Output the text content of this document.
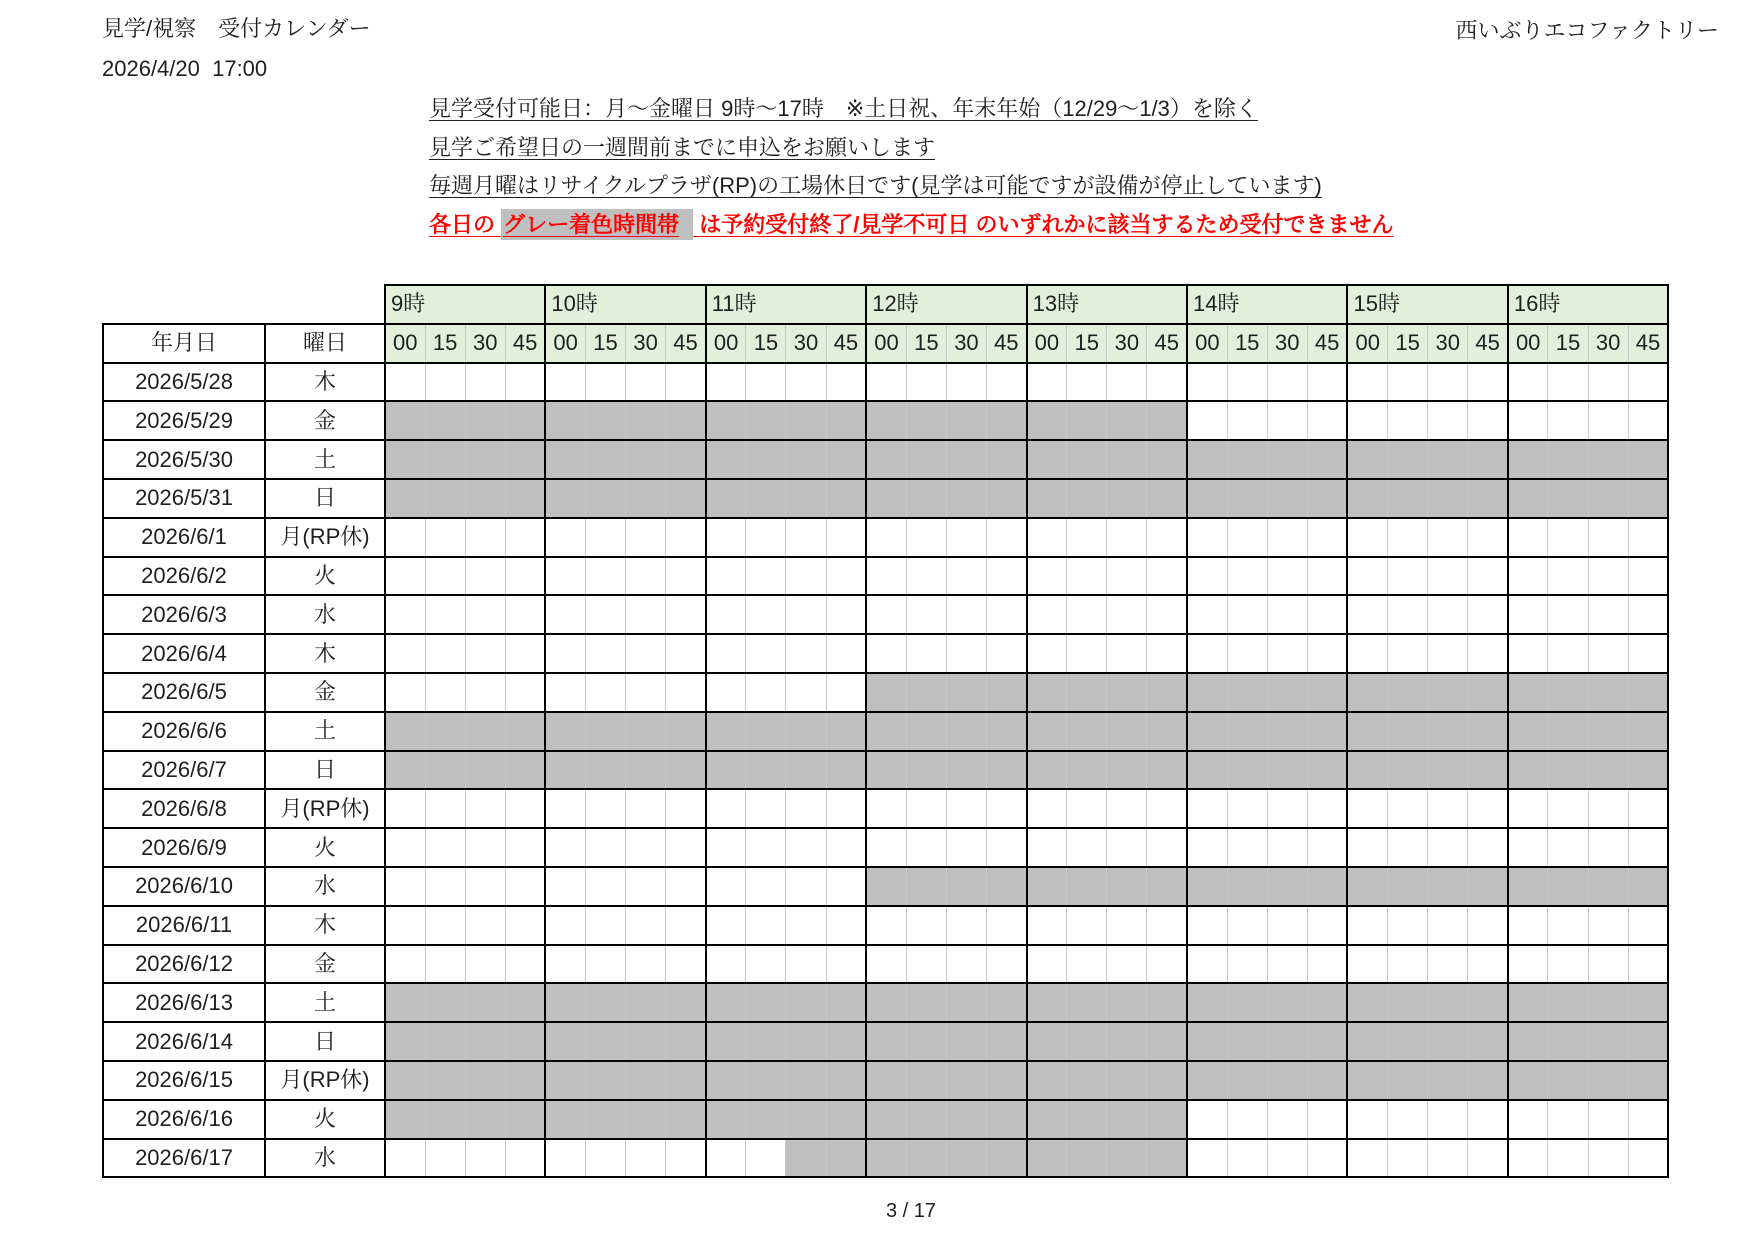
見学/視察　受付カレンダー
2026/4/20  17:00
西いぶりエコファクトリー
見学受付可能日：月～金曜日 9時～17時　※土日祝、年末年始（12/29～1/3）を除く
見学ご希望日の一週間前までに申込をお願いします
毎週月曜はリサイクルプラザ(RP)の工場休日です(見学は可能ですが設備が停止しています)
各日の グレー着色時間帯 は予約受付終了/見学不可日 のいずれかに該当するため受付できません
		9時				10時				11時				12時				13時				14時				15時				16時			
年月日	曜日	00	15	30	45	00	15	30	45	00	15	30	45	00	15	30	45	00	15	30	45	00	15	30	45	00	15	30	45	00	15	30	45
2026/5/28	木																																
2026/5/29	金																																
2026/5/30	土																																
2026/5/31	日																																
2026/6/1	月(RP休)																																
2026/6/2	火																																
2026/6/3	水																																
2026/6/4	木																																
2026/6/5	金																																
2026/6/6	土																																
2026/6/7	日																																
2026/6/8	月(RP休)																																
2026/6/9	火																																
2026/6/10	水																																
2026/6/11	木																																
2026/6/12	金																																
2026/6/13	土																																
2026/6/14	日																																
2026/6/15	月(RP休)																																
2026/6/16	火																																
2026/6/17	水																																
3 / 17
